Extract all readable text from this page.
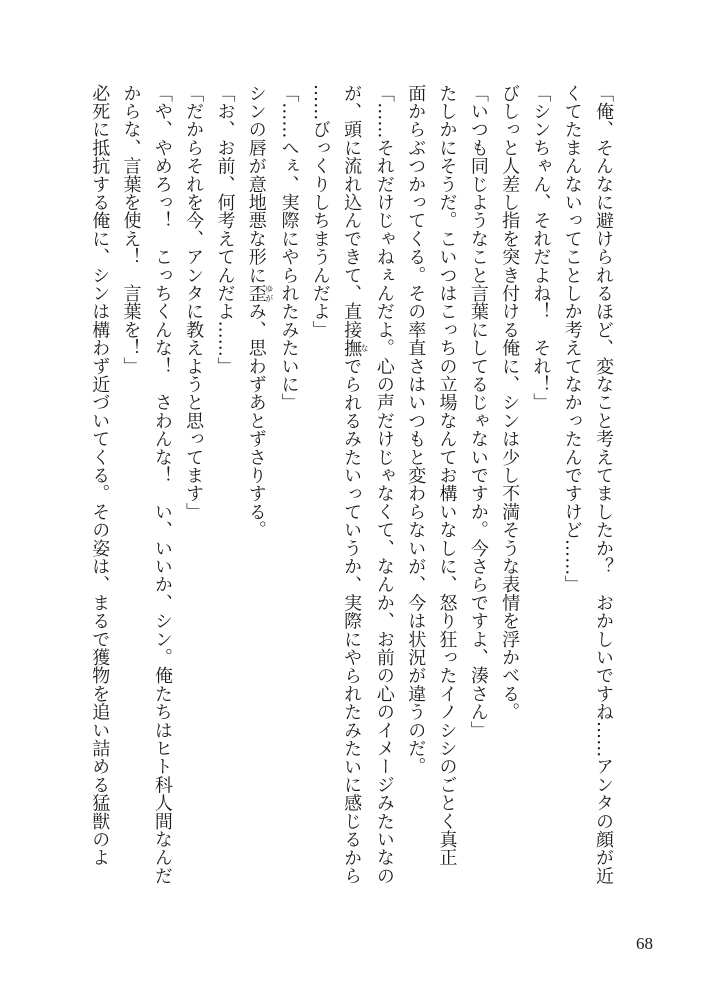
「俺、そんなに避けられるほど、変なこと考えてましたか？　おかしいですね……アンタの顔が近
くてたまんないってことしか考えてなかったんですけど……」
「シンちゃん、それだよね！　それ！」
びしっと人差し指を突き付ける俺に、シンは少し不満そうな表情を浮かべる。
「いつも同じようなこと言葉にしてるじゃないですか。今さらですよ、湊さん」
たしかにそうだ。こいつはこっちの立場なんてお構いなしに、怒り狂ったイノシシのごとく真正
面からぶつかってくる。その率直さはいつもと変わらないが、今は状況が違うのだ。
「……それだけじゃねぇんだよ。心の声だけじゃなくて、なんか、お前の心のイメージみたいなの
が、頭に流れ込んできて、直接撫なでられるみたいっていうか、実際にやられたみたいに感じるから
……びっくりしちまうんだよ」
「……へぇ、実際にやられたみたいに」
シンの唇が意地悪な形に歪ゆがみ、思わずあとずさりする。
「お、お前、何考えてんだよ……」
「だからそれを今、アンタに教えようと思ってます」
「や、やめろっ！　こっちくんな！　さわんな！　い、いいか、シン。俺たちはヒト科人間なんだ
からな、言葉を使え！　言葉を！」
必死に抵抗する俺に、シンは構わず近づいてくる。その姿は、まるで獲物を追い詰める猛獣のよ
68
